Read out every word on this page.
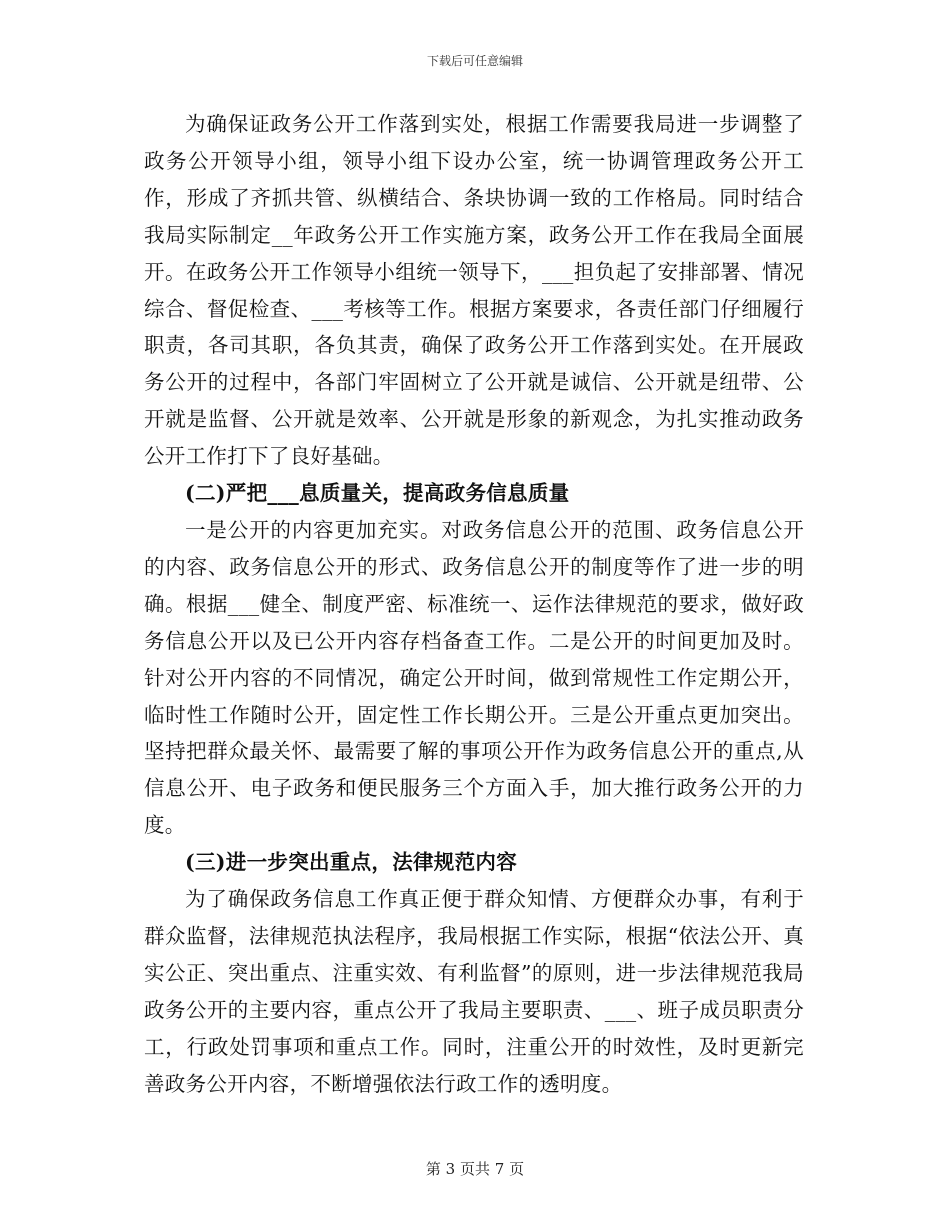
下载后可任意编辑

为确保证政务公开工作落到实处，根据工作需要我局进一步调整了政务公开领导小组，领导小组下设办公室，统一协调管理政务公开工作，形成了齐抓共管、纵横结合、条块协调一致的工作格局。同时结合我局实际制定__年政务公开工作实施方案，政务公开工作在我局全面展开。在政务公开工作领导小组统一领导下，___担负起了安排部署、情况综合、督促检查、___考核等工作。根据方案要求，各责任部门仔细履行职责，各司其职，各负其责，确保了政务公开工作落到实处。在开展政务公开的过程中，各部门牢固树立了公开就是诚信、公开就是纽带、公开就是监督、公开就是效率、公开就是形象的新观念，为扎实推动政务公开工作打下了良好基础。

(二)严把___息质量关，提高政务信息质量

一是公开的内容更加充实。对政务信息公开的范围、政务信息公开的内容、政务信息公开的形式、政务信息公开的制度等作了进一步的明确。根据___健全、制度严密、标准统一、运作法律规范的要求，做好政务信息公开以及已公开内容存档备查工作。二是公开的时间更加及时。针对公开内容的不同情况，确定公开时间，做到常规性工作定期公开，临时性工作随时公开，固定性工作长期公开。三是公开重点更加突出。坚持把群众最关怀、最需要了解的事项公开作为政务信息公开的重点,从信息公开、电子政务和便民服务三个方面入手，加大推行政务公开的力度。

(三)进一步突出重点，法律规范内容

为了确保政务信息工作真正便于群众知情、方便群众办事，有利于群众监督，法律规范执法程序，我局根据工作实际，根据“依法公开、真实公正、突出重点、注重实效、有利监督”的原则，进一步法律规范我局政务公开的主要内容，重点公开了我局主要职责、___、班子成员职责分工，行政处罚事项和重点工作。同时，注重公开的时效性，及时更新完善政务公开内容，不断增强依法行政工作的透明度。

第 3 页共 7 页
